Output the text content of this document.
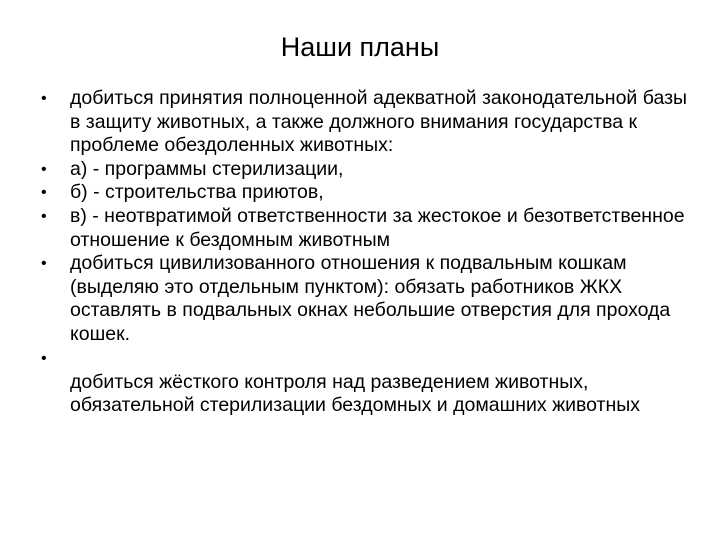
Наши планы
• добиться принятия полноценной адекватной законодательной базы в защиту животных, а также должного внимания государства к проблеме обездоленных животных:
• а) - программы стерилизации,
• б) - строительства приютов,
• в) - неотвратимой ответственности за жестокое и безответственное отношение к бездомным животным
• добиться цивилизованного отношения к подвальным кошкам (выделяю это отдельным пунктом): обязать работников ЖКХ оставлять в подвальных окнах небольшие отверстия для прохода кошек.
•
добиться жёсткого контроля над разведением животных, обязательной стерилизации бездомных и домашних животных
